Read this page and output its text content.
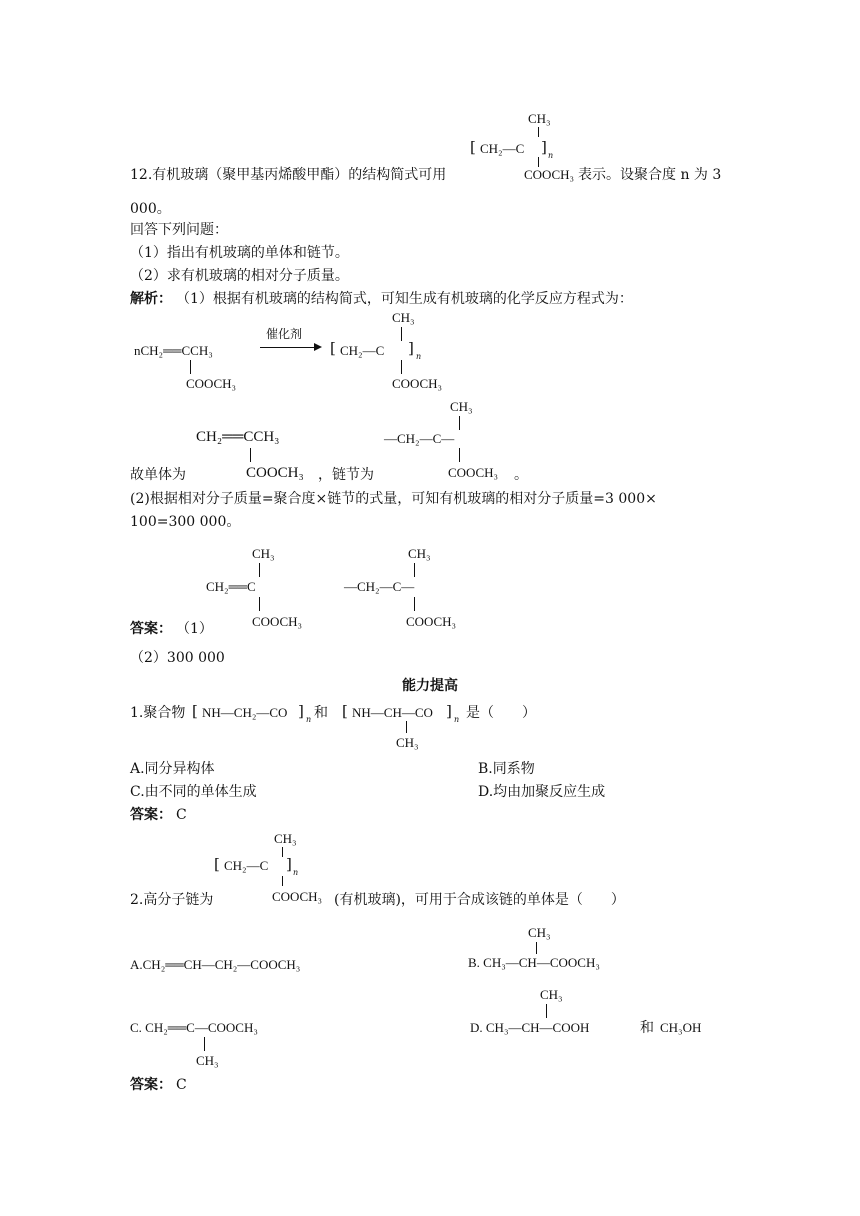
CH₃
[ CH₂—C ] n
12.有机玻璃（聚甲基丙烯酸甲酯）的结构简式可用	COOCH₃ 表示。设聚合度 n 为 3
000。
回答下列问题：
（1）指出有机玻璃的单体和链节。
（2）求有机玻璃的相对分子质量。
解析： （1）根据有机玻璃的结构简式，可知生成有机玻璃的化学反应方程式为：
nCH₂══CCH₃
COOCH₃
催化剂
CH₃
[ CH₂—C ] n
COOCH₃
CH₂══CCH₃
故单体为	COOCH₃ ，链节为
CH₃
—CH₂—C—
COOCH₃ 。
(2)根据相对分子质量=聚合度×链节的式量，可知有机玻璃的相对分子质量=3 000×
100=300 000。
CH₃
CH₂══C
COOCH₃
CH₃
—CH₂—C—
COOCH₃
答案： （1）
（2）300 000
能力提高
1.聚合物 [ NH—CH₂—CO ] n 和 [ NH—CH—CO ] n
CH₃
是（　　）
A.同分异构体	B.同系物
C.由不同的单体生成	D.均由加聚反应生成
答案： C
CH₃
[ CH₂—C ] n
2.高分子链为	COOCH₃ (有机玻璃)，可用于合成该链的单体是（　　）
A.CH₂══CH—CH₂—COOCH₃
CH₃
B. CH₃—CH—COOCH₃
C. CH₂══C—COOCH₃
CH₃
CH₃
D. CH₃—CH—COOH	和 CH₃OH
答案： C
